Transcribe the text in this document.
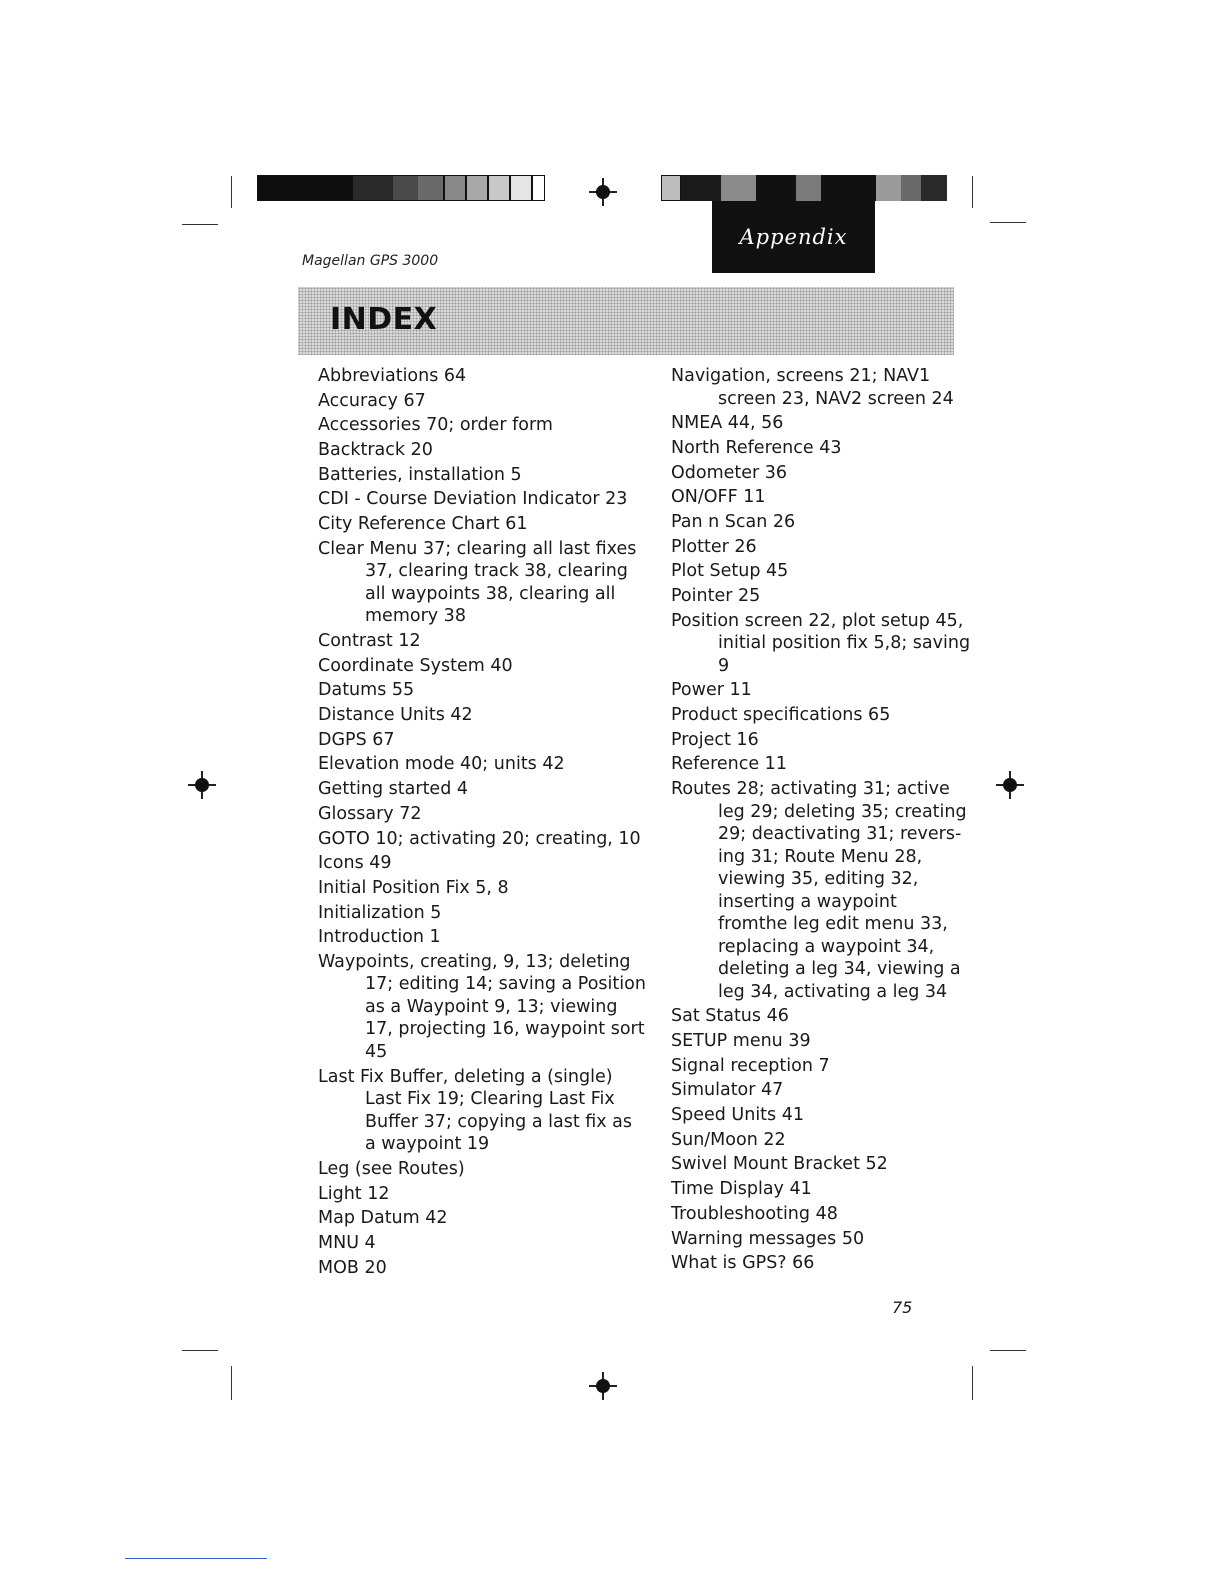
Appendix
Magellan GPS 3000
INDEX
Abbreviations 64
Accuracy 67
Accessories 70; order form
Backtrack 20
Batteries, installation 5
CDI - Course Deviation Indicator 23
City Reference Chart 61
Clear Menu 37; clearing all last fixes 37, clearing track 38, clearing all waypoints 38, clearing all memory 38
Contrast 12
Coordinate System 40
Datums 55
Distance Units 42
DGPS 67
Elevation mode 40; units 42
Getting started 4
Glossary 72
GOTO 10; activating 20; creating, 10
Icons 49
Initial Position Fix 5, 8
Initialization 5
Introduction 1
Waypoints, creating, 9, 13; deleting 17; editing 14; saving a Position as a Waypoint 9, 13; viewing 17, projecting 16, waypoint sort 45
Last Fix Buffer, deleting a (single) Last Fix 19; Clearing Last Fix Buffer 37; copying a last fix as a waypoint 19
Leg (see Routes)
Light 12
Map Datum 42
MNU 4
MOB 20
Navigation, screens 21; NAV1 screen 23, NAV2 screen 24
NMEA 44, 56
North Reference 43
Odometer 36
ON/OFF 11
Pan n Scan 26
Plotter 26
Plot Setup 45
Pointer 25
Position screen 22, plot setup 45, initial position fix 5,8; saving 9
Power 11
Product specifications 65
Project 16
Reference 11
Routes 28; activating 31; active leg 29; deleting 35; creating 29; deactivating 31; revers- ing 31; Route Menu 28, viewing 35, editing 32, inserting a waypoint fromthe leg edit menu 33, replacing a waypoint 34, deleting a leg 34, viewing a leg 34, activating a leg 34
Sat Status 46
SETUP menu 39
Signal reception 7
Simulator 47
Speed Units 41
Sun/Moon 22
Swivel Mount Bracket 52
Time Display 41
Troubleshooting 48
Warning messages 50
What is GPS? 66
75
